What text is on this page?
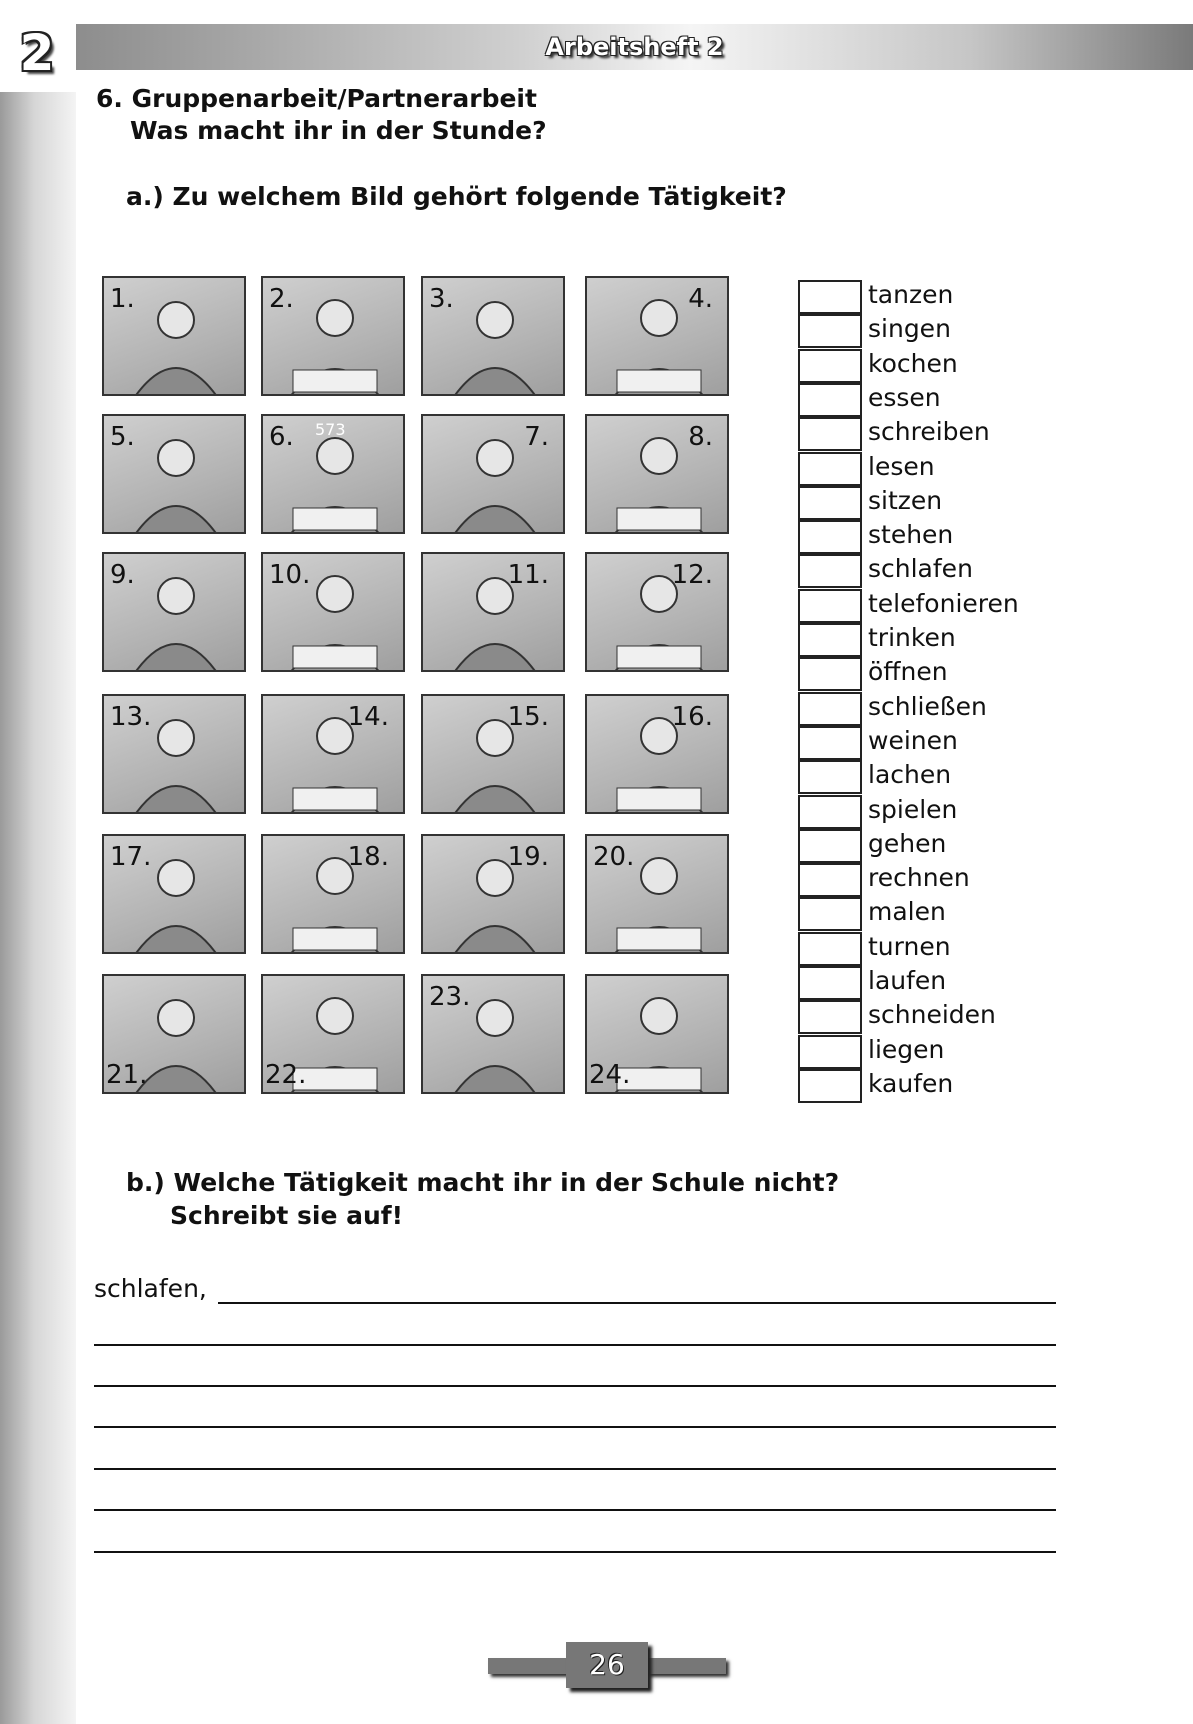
2	Arbeitsheft 2
6. Gruppenarbeit/Partnerarbeit
Was macht ihr in der Stunde?
a.) Zu welchem Bild gehört folgende Tätigkeit?
1.	2.	3.	4.
5.	573
6.	7.	8.
9.	10.	11.	12.
13.	14.	15.	16.
17.	18.	19. 20.
21.	22.
23.
24.
tanzen
singen
kochen
essen
schreiben
lesen
sitzen
stehen
schlafen
telefonieren
trinken
öffnen
schließen
weinen
lachen
spielen
gehen
rechnen
malen
turnen
laufen
schneiden
liegen
kaufen
b.) Welche Tätigkeit macht ihr in der Schule nicht?
Schreibt sie auf!
schlafen,
26
